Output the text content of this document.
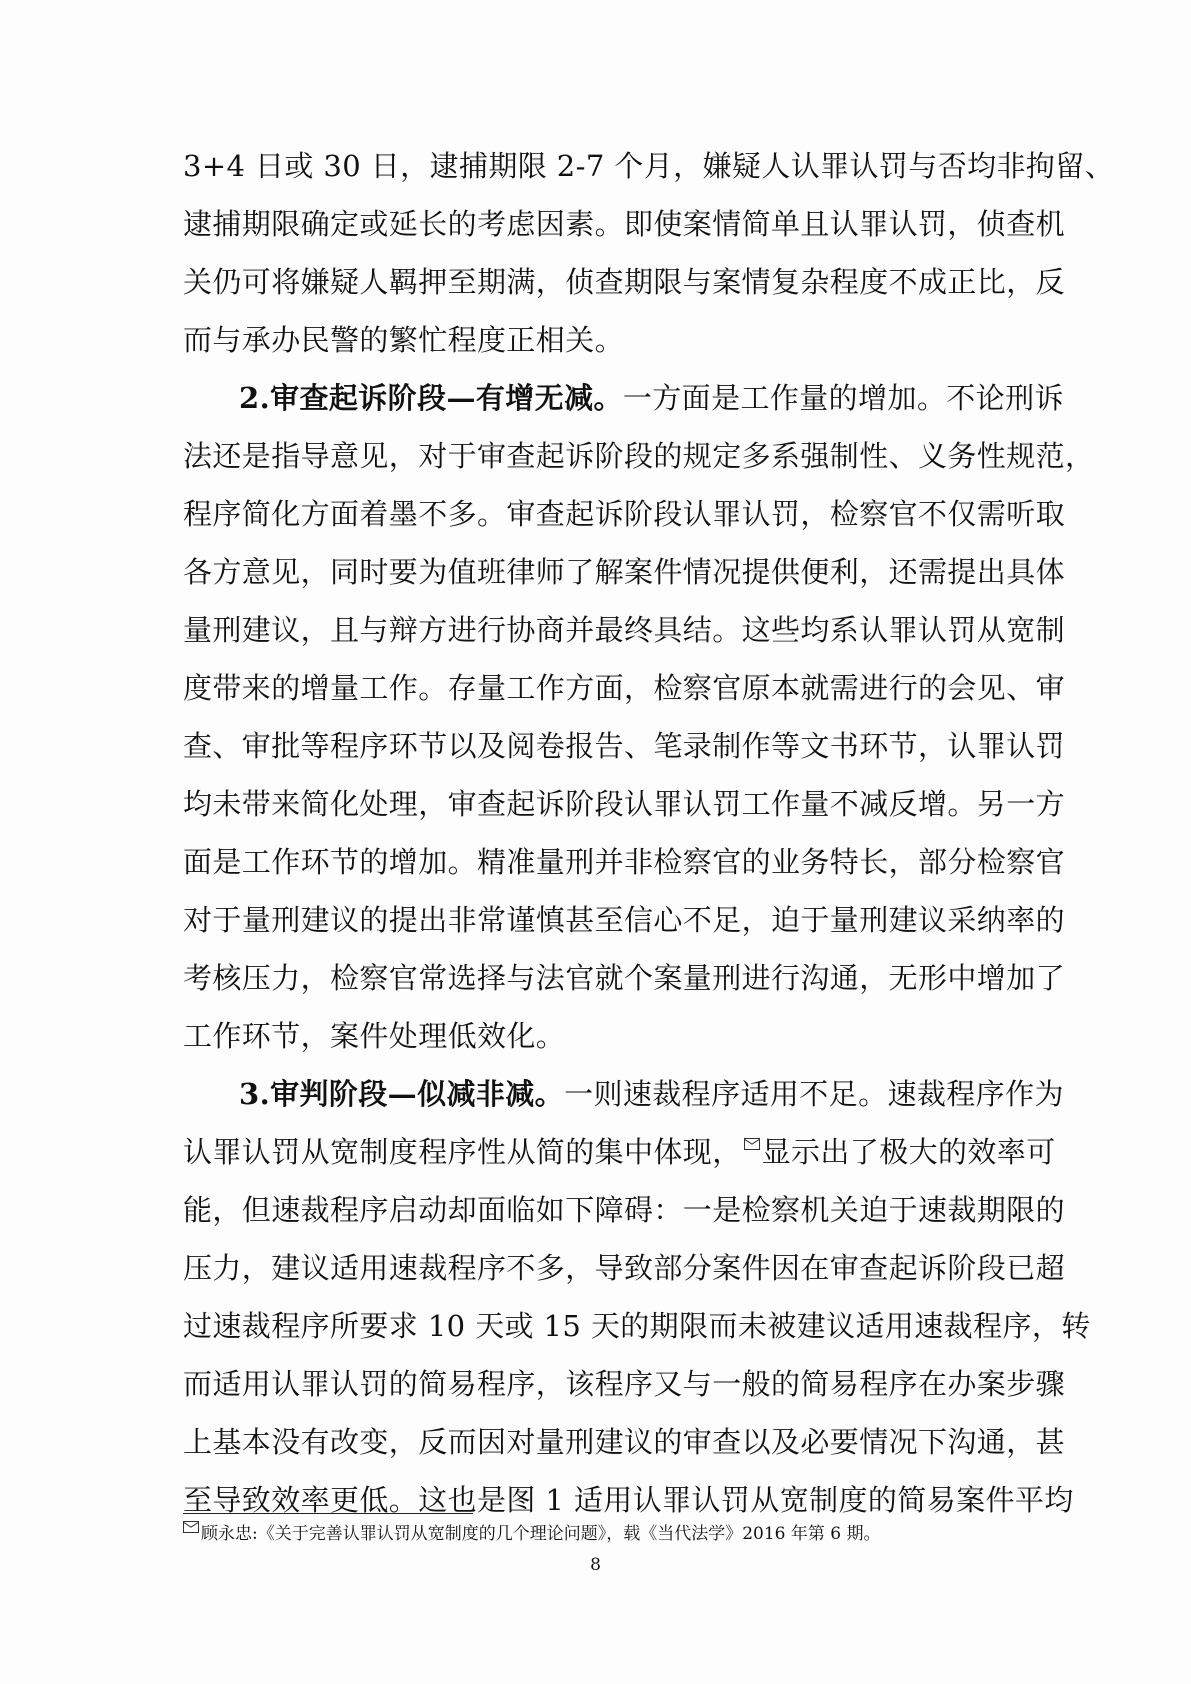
3+4 日或 30 日，逮捕期限 2-7 个月，嫌疑人认罪认罚与否均非拘留、
逮捕期限确定或延长的考虑因素。即使案情简单且认罪认罚，侦查机
关仍可将嫌疑人羁押至期满，侦查期限与案情复杂程度不成正比，反
而与承办民警的繁忙程度正相关。
2.审查起诉阶段—有增无减。一方面是工作量的增加。不论刑诉
法还是指导意见，对于审查起诉阶段的规定多系强制性、义务性规范，
程序简化方面着墨不多。审查起诉阶段认罪认罚，检察官不仅需听取
各方意见，同时要为值班律师了解案件情况提供便利，还需提出具体
量刑建议，且与辩方进行协商并最终具结。这些均系认罪认罚从宽制
度带来的增量工作。存量工作方面，检察官原本就需进行的会见、审
查、审批等程序环节以及阅卷报告、笔录制作等文书环节，认罪认罚
均未带来简化处理，审查起诉阶段认罪认罚工作量不减反增。另一方
面是工作环节的增加。精准量刑并非检察官的业务特长，部分检察官
对于量刑建议的提出非常谨慎甚至信心不足，迫于量刑建议采纳率的
考核压力，检察官常选择与法官就个案量刑进行沟通，无形中增加了
工作环节，案件处理低效化。
3.审判阶段—似减非减。一则速裁程序适用不足。速裁程序作为
认罪认罚从宽制度程序性从简的集中体现， 显示出了极大的效率可
能，但速裁程序启动却面临如下障碍：一是检察机关迫于速裁期限的
压力，建议适用速裁程序不多，导致部分案件因在审查起诉阶段已超
过速裁程序所要求 10 天或 15 天的期限而未被建议适用速裁程序，转
而适用认罪认罚的简易程序，该程序又与一般的简易程序在办案步骤
上基本没有改变，反而因对量刑建议的审查以及必要情况下沟通，甚
至导致效率更低。这也是图 1 适用认罪认罚从宽制度的简易案件平均
顾永忠:《关于完善认罪认罚从宽制度的几个理论问题》，载《当代法学》2016 年第 6 期。
8
